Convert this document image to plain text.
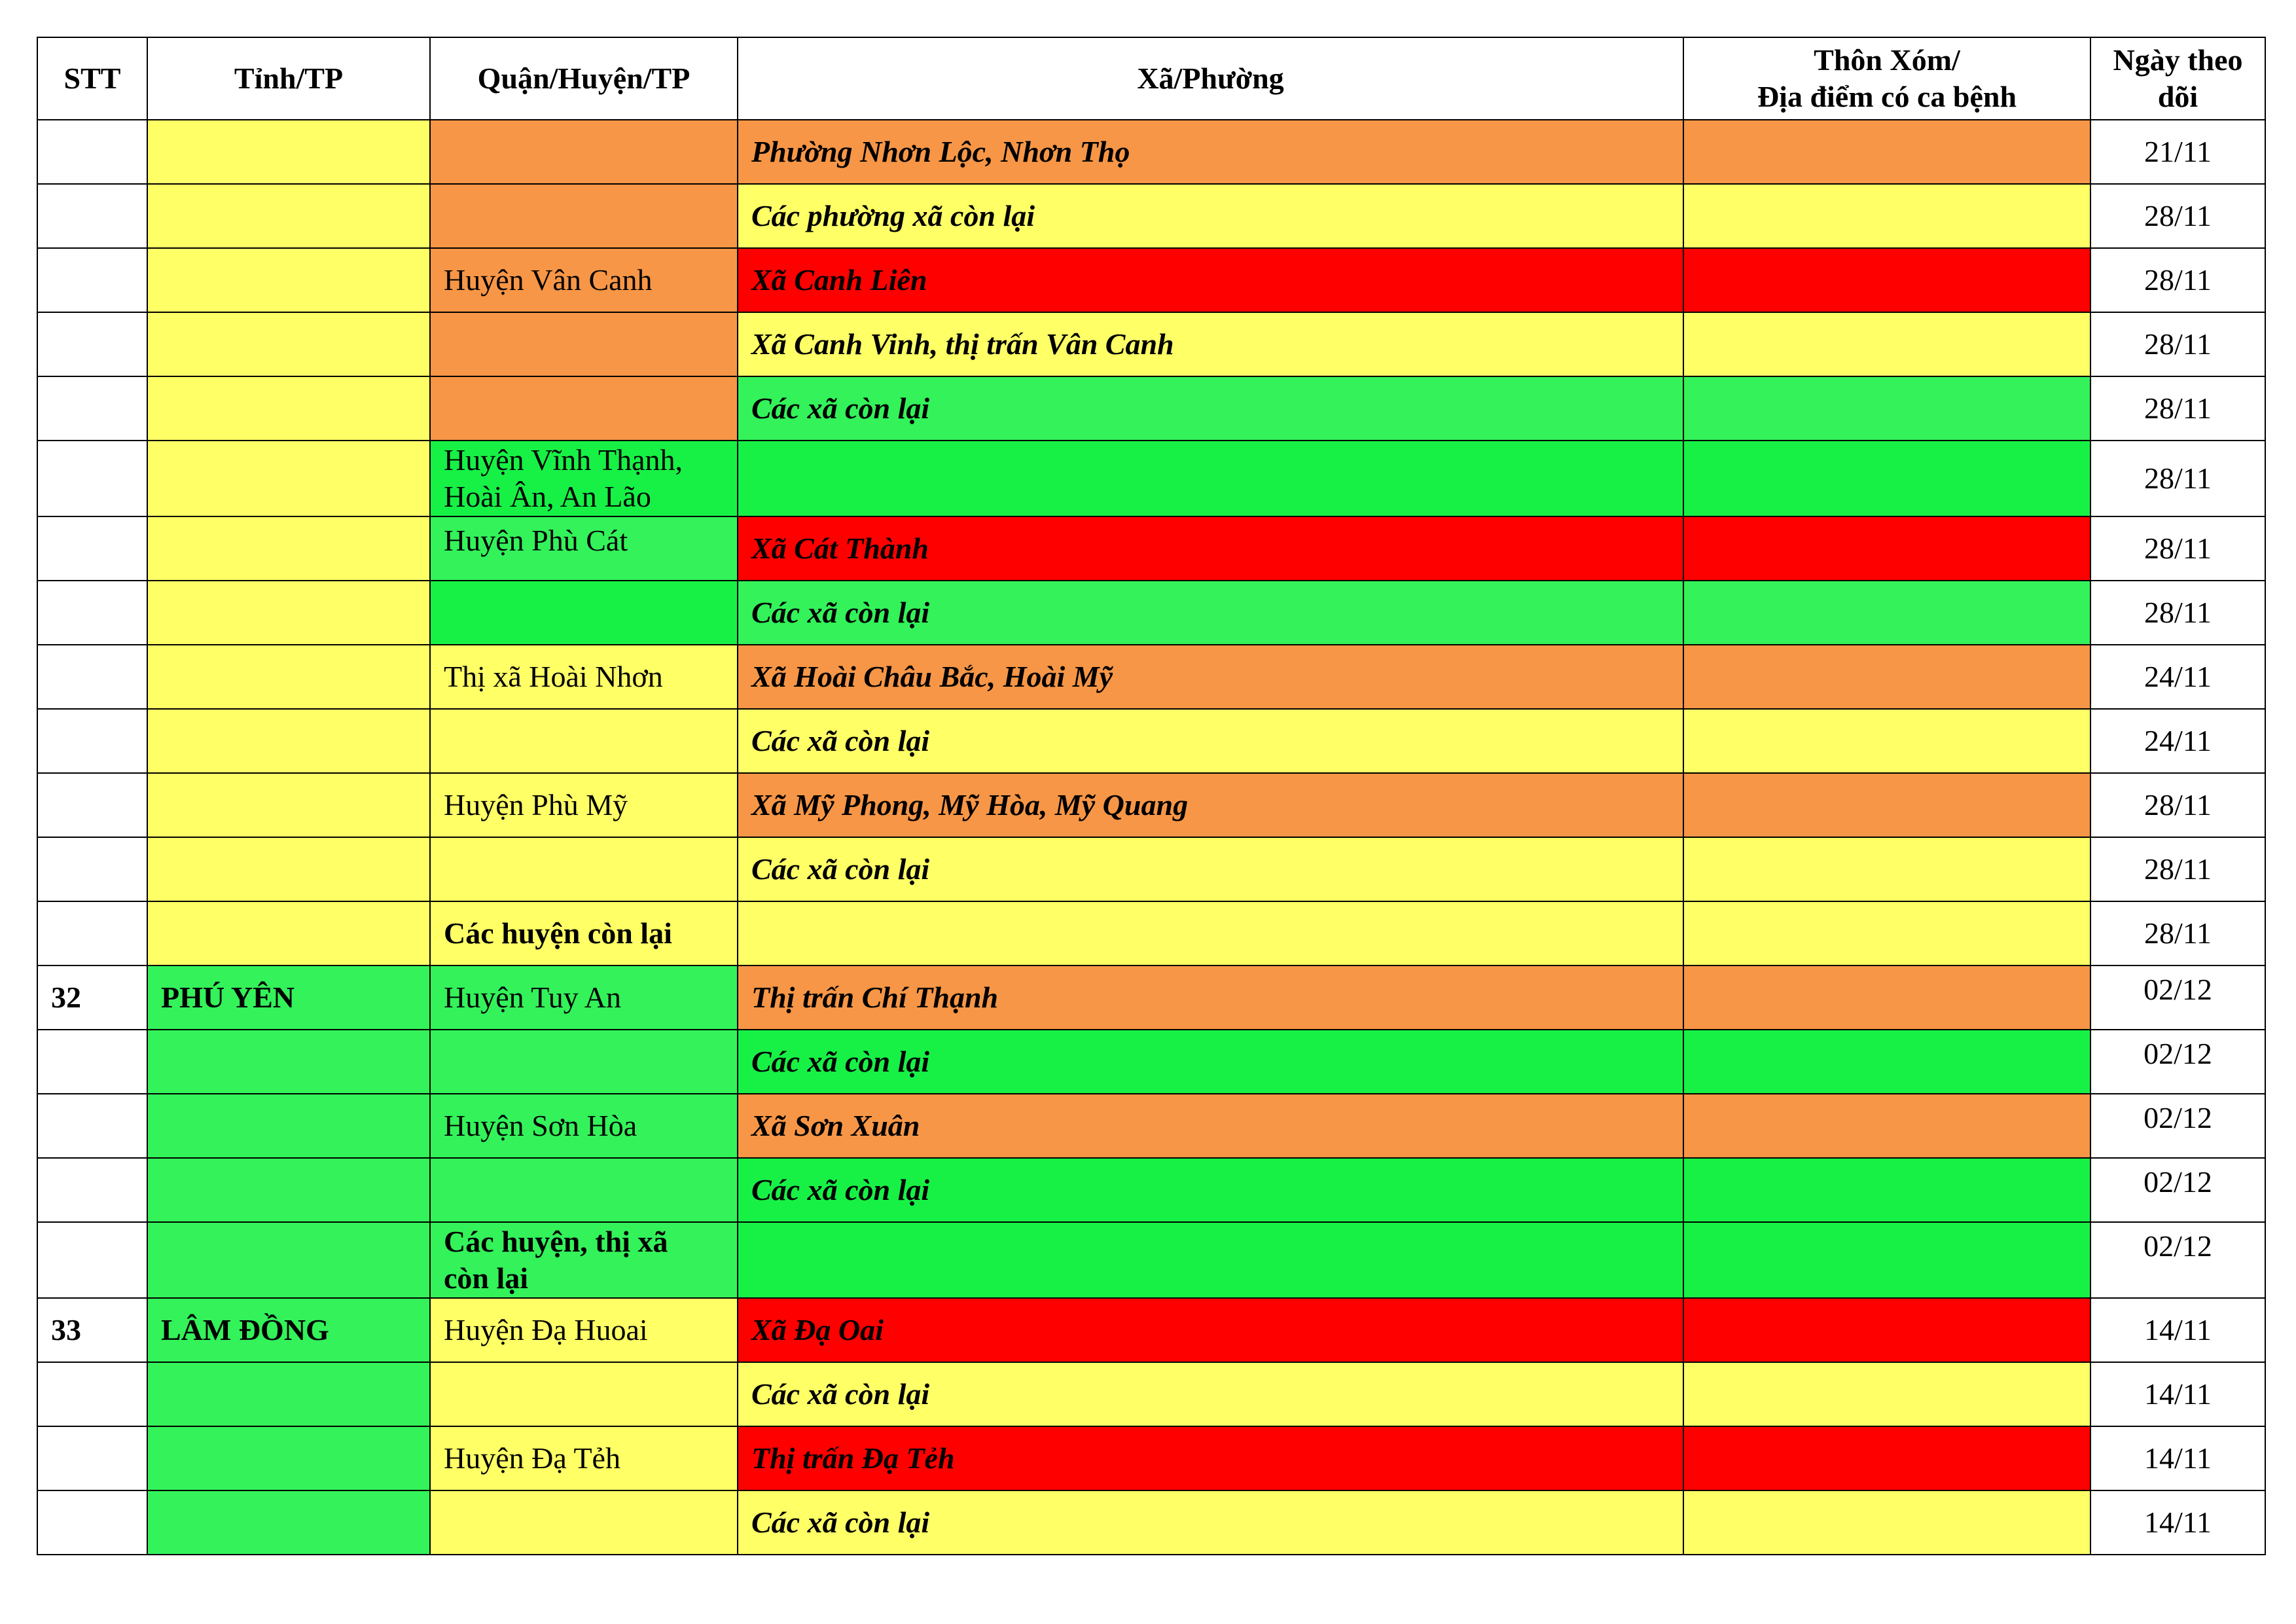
STT	Tỉnh/TP	Quận/Huyện/TP	Xã/Phường	Thôn Xóm/
Địa điểm có ca bệnh	Ngày theo
dõi
			Phường Nhơn Lộc, Nhơn Thọ		21/11
			Các phường xã còn lại		28/11
		Huyện Vân Canh	Xã Canh Liên		28/11
			Xã Canh Vinh, thị trấn Vân Canh		28/11
			Các xã còn lại		28/11
		Huyện Vĩnh Thạnh,
Hoài Ân, An Lão			28/11
		Huyện Phù Cát	Xã Cát Thành		28/11
			Các xã còn lại		28/11
		Thị xã Hoài Nhơn	Xã Hoài Châu Bắc, Hoài Mỹ		24/11
			Các xã còn lại		24/11
		Huyện Phù Mỹ	Xã Mỹ Phong, Mỹ Hòa, Mỹ Quang		28/11
			Các xã còn lại		28/11
		Các huyện còn lại			28/11
32	PHÚ YÊN	Huyện Tuy An	Thị trấn Chí Thạnh		02/12
			Các xã còn lại		02/12
		Huyện Sơn Hòa	Xã Sơn Xuân		02/12
			Các xã còn lại		02/12
		Các huyện, thị xã
còn lại			02/12
33	LÂM ĐỒNG	Huyện Đạ Huoai	Xã Đạ Oai		14/11
			Các xã còn lại		14/11
		Huyện Đạ Tẻh	Thị trấn Đạ Tẻh		14/11
			Các xã còn lại		14/11
